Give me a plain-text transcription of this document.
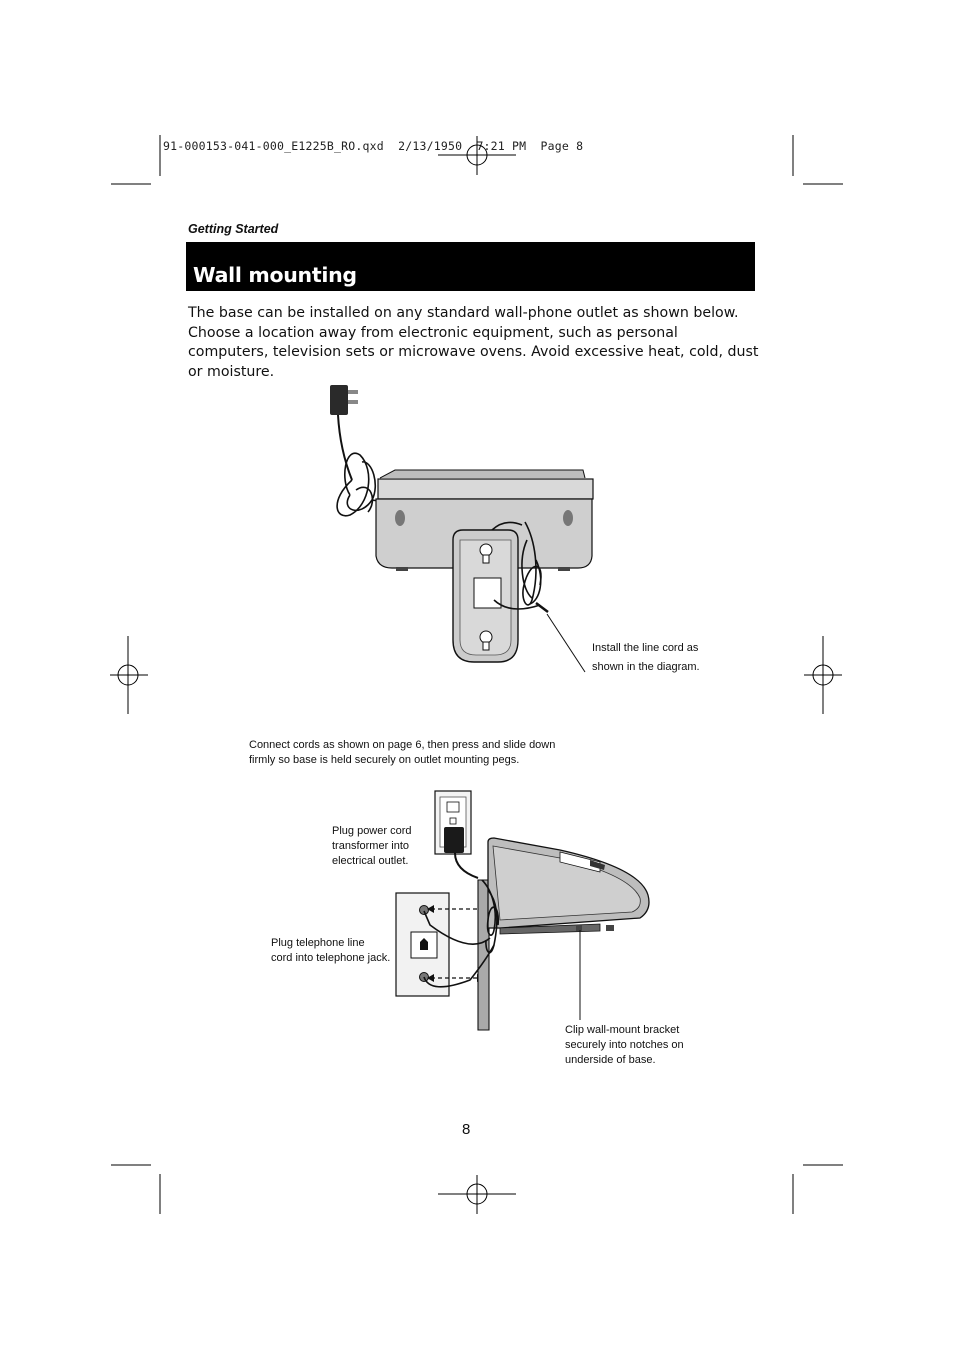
91-000153-041-000_E1225B_RO.qxd  2/13/1950  7:21 PM  Page 8
Getting Started
Wall mounting
The base can be installed on any standard wall-phone outlet as shown below. Choose a location away from electronic equipment, such as personal computers, television sets or microwave ovens. Avoid excessive heat, cold, dust or moisture.
Install the line cord as
shown in the diagram.
Connect cords as shown on page 6, then press and slide down
firmly so base is held securely on outlet mounting pegs.
Plug power cord
transformer into
electrical outlet.
Plug telephone line
cord into telephone jack.
Clip wall-mount bracket
securely into notches on
underside of base.
8
